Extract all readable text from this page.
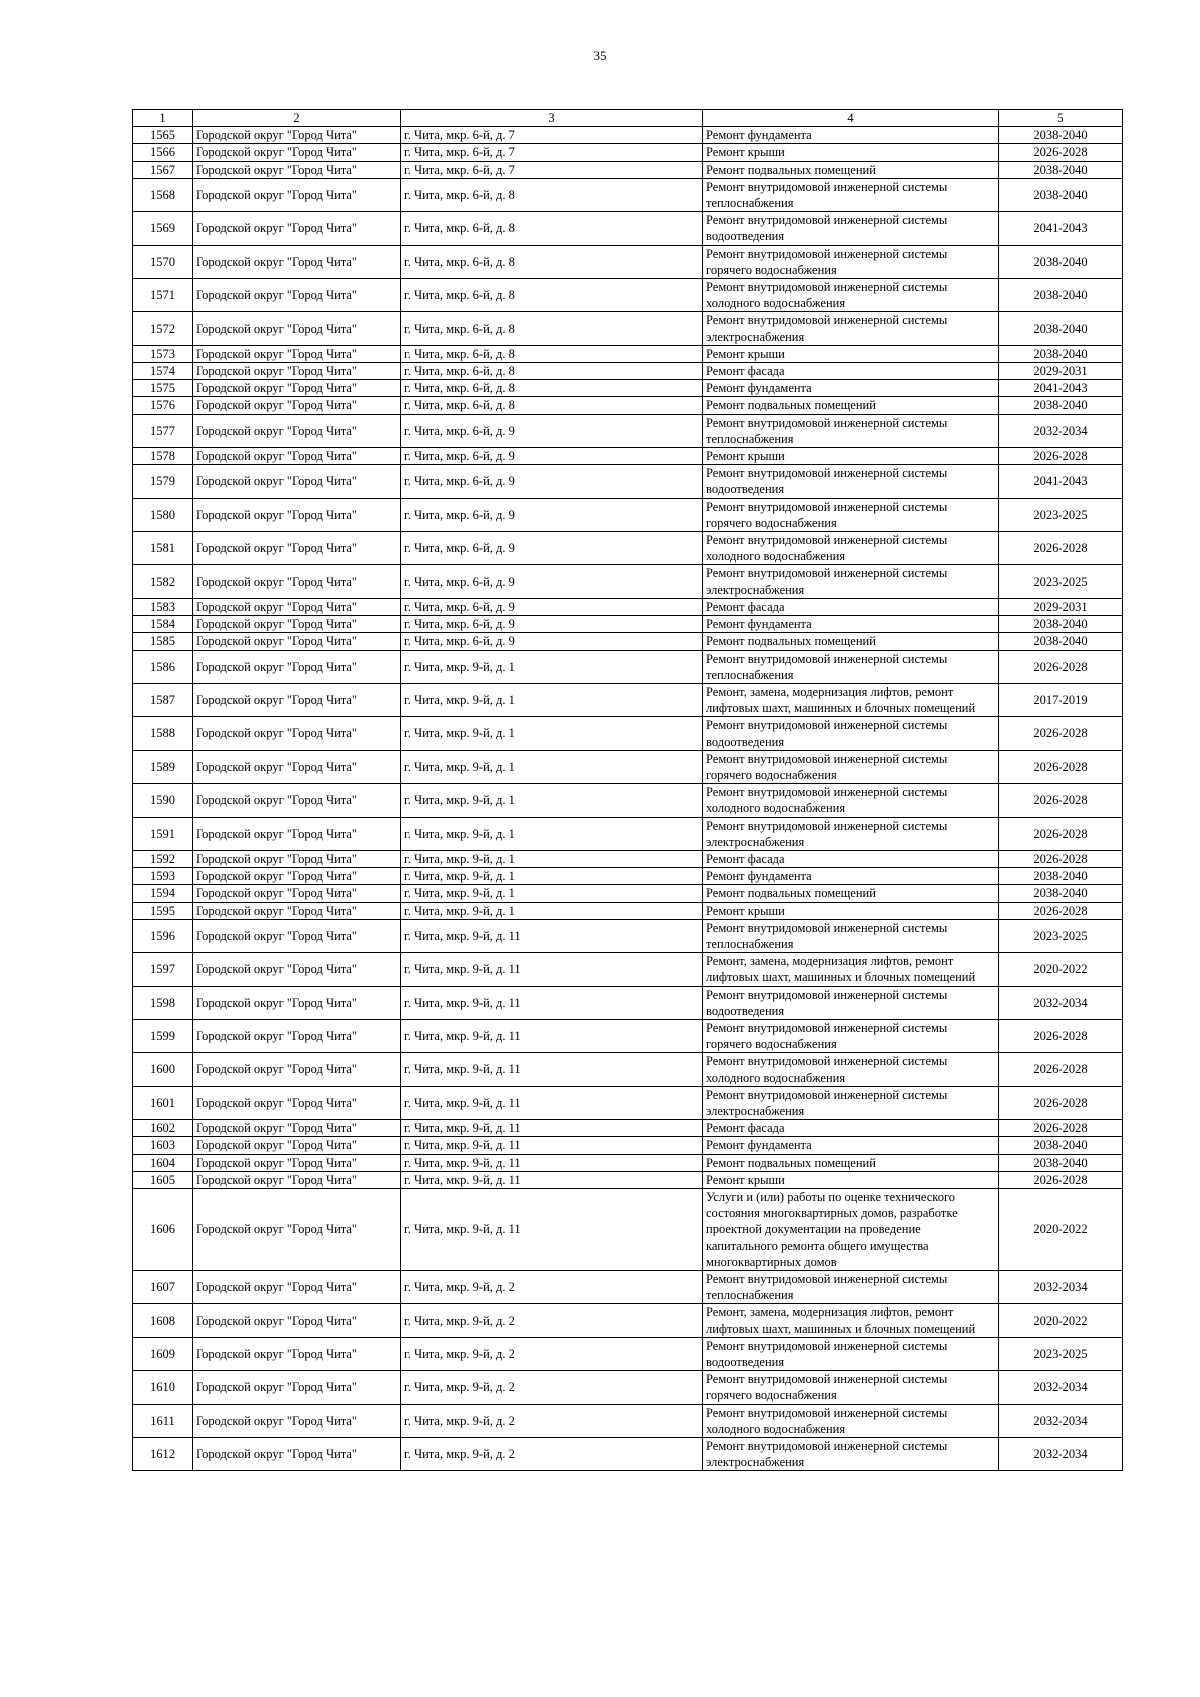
35
1	2	3	4	5
1565	Городской округ "Город Чита"	г. Чита, мкр. 6-й, д. 7	Ремонт фундамента	2038-2040
1566	Городской округ "Город Чита"	г. Чита, мкр. 6-й, д. 7	Ремонт крыши	2026-2028
1567	Городской округ "Город Чита"	г. Чита, мкр. 6-й, д. 7	Ремонт подвальных помещений	2038-2040
1568	Городской округ "Город Чита"	г. Чита, мкр. 6-й, д. 8	Ремонт внутридомовой инженерной системы теплоснабжения	2038-2040
1569	Городской округ "Город Чита"	г. Чита, мкр. 6-й, д. 8	Ремонт внутридомовой инженерной системы водоотведения	2041-2043
1570	Городской округ "Город Чита"	г. Чита, мкр. 6-й, д. 8	Ремонт внутридомовой инженерной системы горячего водоснабжения	2038-2040
1571	Городской округ "Город Чита"	г. Чита, мкр. 6-й, д. 8	Ремонт внутридомовой инженерной системы холодного водоснабжения	2038-2040
1572	Городской округ "Город Чита"	г. Чита, мкр. 6-й, д. 8	Ремонт внутридомовой инженерной системы электроснабжения	2038-2040
1573	Городской округ "Город Чита"	г. Чита, мкр. 6-й, д. 8	Ремонт крыши	2038-2040
1574	Городской округ "Город Чита"	г. Чита, мкр. 6-й, д. 8	Ремонт фасада	2029-2031
1575	Городской округ "Город Чита"	г. Чита, мкр. 6-й, д. 8	Ремонт фундамента	2041-2043
1576	Городской округ "Город Чита"	г. Чита, мкр. 6-й, д. 8	Ремонт подвальных помещений	2038-2040
1577	Городской округ "Город Чита"	г. Чита, мкр. 6-й, д. 9	Ремонт внутридомовой инженерной системы теплоснабжения	2032-2034
1578	Городской округ "Город Чита"	г. Чита, мкр. 6-й, д. 9	Ремонт крыши	2026-2028
1579	Городской округ "Город Чита"	г. Чита, мкр. 6-й, д. 9	Ремонт внутридомовой инженерной системы водоотведения	2041-2043
1580	Городской округ "Город Чита"	г. Чита, мкр. 6-й, д. 9	Ремонт внутридомовой инженерной системы горячего водоснабжения	2023-2025
1581	Городской округ "Город Чита"	г. Чита, мкр. 6-й, д. 9	Ремонт внутридомовой инженерной системы холодного водоснабжения	2026-2028
1582	Городской округ "Город Чита"	г. Чита, мкр. 6-й, д. 9	Ремонт внутридомовой инженерной системы электроснабжения	2023-2025
1583	Городской округ "Город Чита"	г. Чита, мкр. 6-й, д. 9	Ремонт фасада	2029-2031
1584	Городской округ "Город Чита"	г. Чита, мкр. 6-й, д. 9	Ремонт фундамента	2038-2040
1585	Городской округ "Город Чита"	г. Чита, мкр. 6-й, д. 9	Ремонт подвальных помещений	2038-2040
1586	Городской округ "Город Чита"	г. Чита, мкр. 9-й, д. 1	Ремонт внутридомовой инженерной системы теплоснабжения	2026-2028
1587	Городской округ "Город Чита"	г. Чита, мкр. 9-й, д. 1	Ремонт, замена, модернизация лифтов, ремонт лифтовых шахт, машинных и блочных помещений	2017-2019
1588	Городской округ "Город Чита"	г. Чита, мкр. 9-й, д. 1	Ремонт внутридомовой инженерной системы водоотведения	2026-2028
1589	Городской округ "Город Чита"	г. Чита, мкр. 9-й, д. 1	Ремонт внутридомовой инженерной системы горячего водоснабжения	2026-2028
1590	Городской округ "Город Чита"	г. Чита, мкр. 9-й, д. 1	Ремонт внутридомовой инженерной системы холодного водоснабжения	2026-2028
1591	Городской округ "Город Чита"	г. Чита, мкр. 9-й, д. 1	Ремонт внутридомовой инженерной системы электроснабжения	2026-2028
1592	Городской округ "Город Чита"	г. Чита, мкр. 9-й, д. 1	Ремонт фасада	2026-2028
1593	Городской округ "Город Чита"	г. Чита, мкр. 9-й, д. 1	Ремонт фундамента	2038-2040
1594	Городской округ "Город Чита"	г. Чита, мкр. 9-й, д. 1	Ремонт подвальных помещений	2038-2040
1595	Городской округ "Город Чита"	г. Чита, мкр. 9-й, д. 1	Ремонт крыши	2026-2028
1596	Городской округ "Город Чита"	г. Чита, мкр. 9-й, д. 11	Ремонт внутридомовой инженерной системы теплоснабжения	2023-2025
1597	Городской округ "Город Чита"	г. Чита, мкр. 9-й, д. 11	Ремонт, замена, модернизация лифтов, ремонт лифтовых шахт, машинных и блочных помещений	2020-2022
1598	Городской округ "Город Чита"	г. Чита, мкр. 9-й, д. 11	Ремонт внутридомовой инженерной системы водоотведения	2032-2034
1599	Городской округ "Город Чита"	г. Чита, мкр. 9-й, д. 11	Ремонт внутридомовой инженерной системы горячего водоснабжения	2026-2028
1600	Городской округ "Город Чита"	г. Чита, мкр. 9-й, д. 11	Ремонт внутридомовой инженерной системы холодного водоснабжения	2026-2028
1601	Городской округ "Город Чита"	г. Чита, мкр. 9-й, д. 11	Ремонт внутридомовой инженерной системы электроснабжения	2026-2028
1602	Городской округ "Город Чита"	г. Чита, мкр. 9-й, д. 11	Ремонт фасада	2026-2028
1603	Городской округ "Город Чита"	г. Чита, мкр. 9-й, д. 11	Ремонт фундамента	2038-2040
1604	Городской округ "Город Чита"	г. Чита, мкр. 9-й, д. 11	Ремонт подвальных помещений	2038-2040
1605	Городской округ "Город Чита"	г. Чита, мкр. 9-й, д. 11	Ремонт крыши	2026-2028
1606	Городской округ "Город Чита"	г. Чита, мкр. 9-й, д. 11	Услуги и (или) работы по оценке технического состояния многоквартирных домов, разработке проектной документации на проведение капитального ремонта общего имущества многоквартирных домов	2020-2022
1607	Городской округ "Город Чита"	г. Чита, мкр. 9-й, д. 2	Ремонт внутридомовой инженерной системы теплоснабжения	2032-2034
1608	Городской округ "Город Чита"	г. Чита, мкр. 9-й, д. 2	Ремонт, замена, модернизация лифтов, ремонт лифтовых шахт, машинных и блочных помещений	2020-2022
1609	Городской округ "Город Чита"	г. Чита, мкр. 9-й, д. 2	Ремонт внутридомовой инженерной системы водоотведения	2023-2025
1610	Городской округ "Город Чита"	г. Чита, мкр. 9-й, д. 2	Ремонт внутридомовой инженерной системы горячего водоснабжения	2032-2034
1611	Городской округ "Город Чита"	г. Чита, мкр. 9-й, д. 2	Ремонт внутридомовой инженерной системы холодного водоснабжения	2032-2034
1612	Городской округ "Город Чита"	г. Чита, мкр. 9-й, д. 2	Ремонт внутридомовой инженерной системы электроснабжения	2032-2034
